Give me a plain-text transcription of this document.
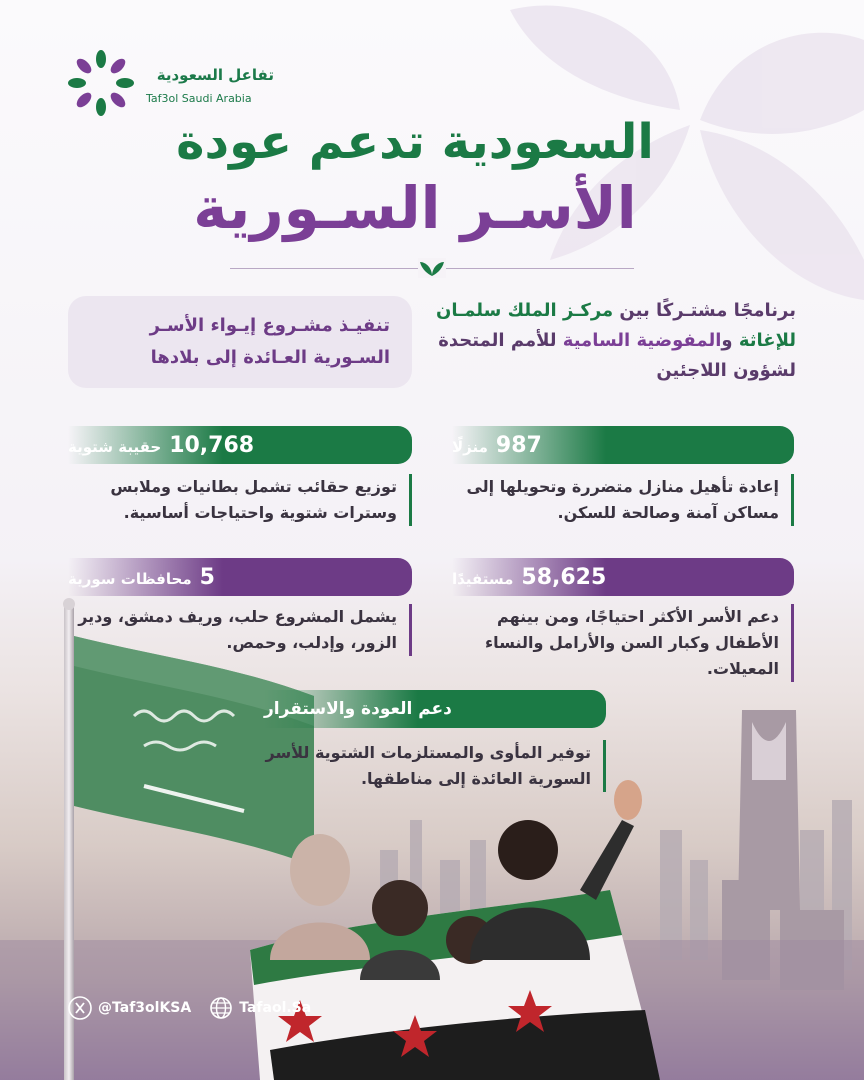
تفاعل السعودية
Taf3ol Saudi Arabia
السعودية تدعم عودة
الأسـر السـورية
تنفيـذ مشـروع إيـواء الأسـر السـورية العـائدة إلى بلادها
برنامجًا مشتـركًا بين مركـز الملك سلمـان للإغاثة والمفوضية السامية للأمم المتحدة لشؤون اللاجئين
987
منزلًا
إعادة تأهيل منازل متضررة وتحويلها إلى مساكن آمنة وصالحة للسكن.
10,768
حقيبة شتوية
توزيع حقائب تشمل بطانيات وملابس وسترات شتوية واحتياجات أساسية.
58,625
مستفيدًا
دعم الأسر الأكثر احتياجًا، ومن بينهم الأطفال وكبار السن والأرامل والنساء المعيلات.
5
محافظات سورية
يشمل المشروع حلب، وريف دمشق، ودير الزور، وإدلب، وحمص.
دعم العودة والاستقرار
توفير المأوى والمستلزمات الشتوية للأسر السورية العائدة إلى مناطقها.
@Taf3olKSA	Tafaol.Sa
